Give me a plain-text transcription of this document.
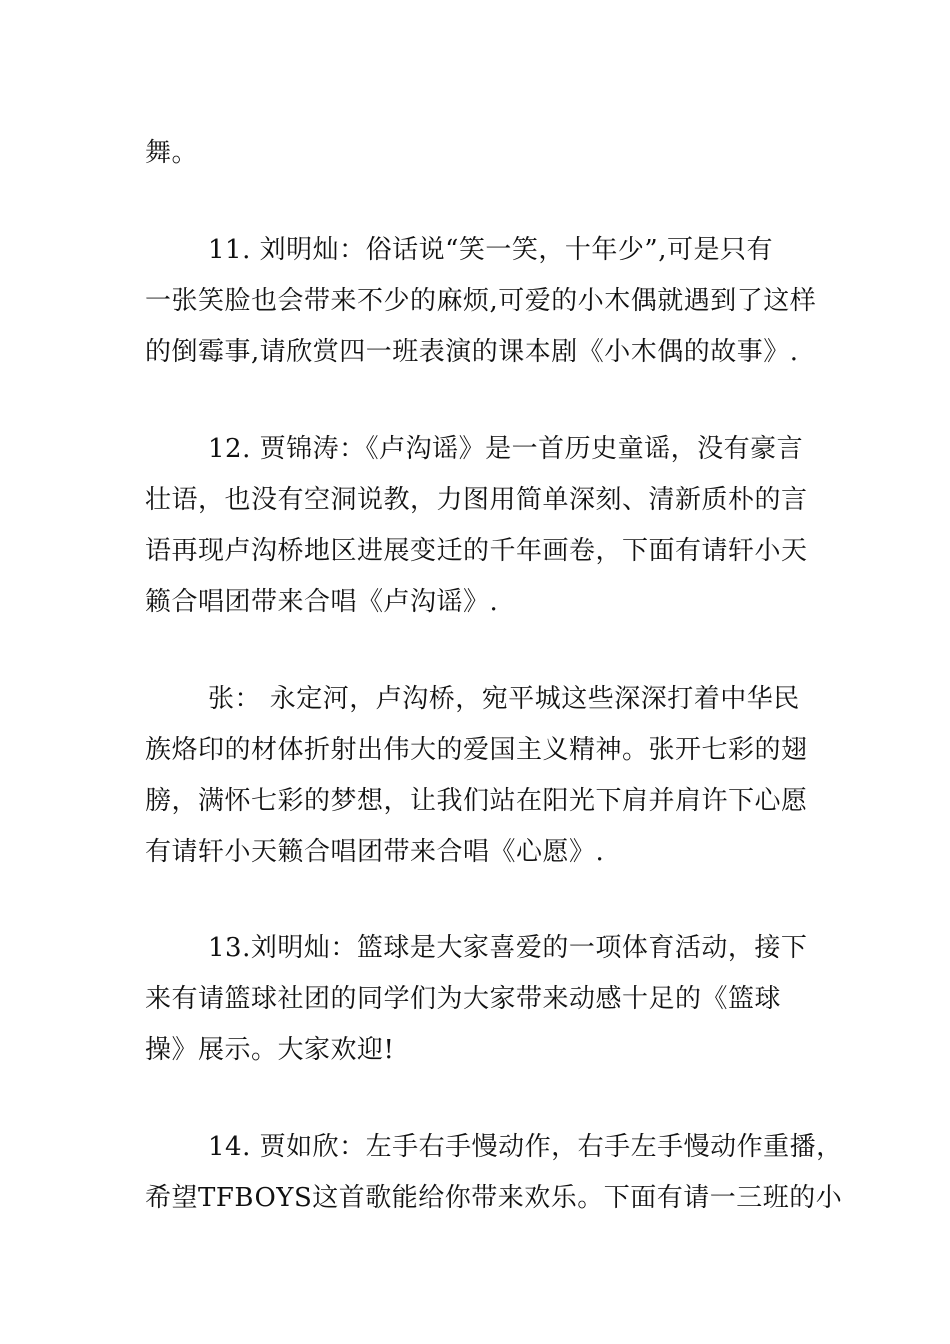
舞。
11. 刘明灿：俗话说“笑一笑，十年少”,可是只有
一张笑脸也会带来不少的麻烦,可爱的小木偶就遇到了这样
的倒霉事,请欣赏四一班表演的课本剧《小木偶的故事》.
12. 贾锦涛：《卢沟谣》是一首历史童谣，没有豪言
壮语，也没有空洞说教，力图用简单深刻、清新质朴的言
语再现卢沟桥地区进展变迁的千年画卷，下面有请轩小天
籁合唱团带来合唱《卢沟谣》.
张： 永定河，卢沟桥，宛平城这些深深打着中华民
族烙印的材体折射出伟大的爱国主义精神。张开七彩的翅
膀，满怀七彩的梦想，让我们站在阳光下肩并肩许下心愿
有请轩小天籁合唱团带来合唱《心愿》.
13.刘明灿：篮球是大家喜爱的一项体育活动，接下
来有请篮球社团的同学们为大家带来动感十足的《篮球
操》展示。大家欢迎!
14. 贾如欣：左手右手慢动作，右手左手慢动作重播，
希望TFBOYS这首歌能给你带来欢乐。下面有请一三班的小
